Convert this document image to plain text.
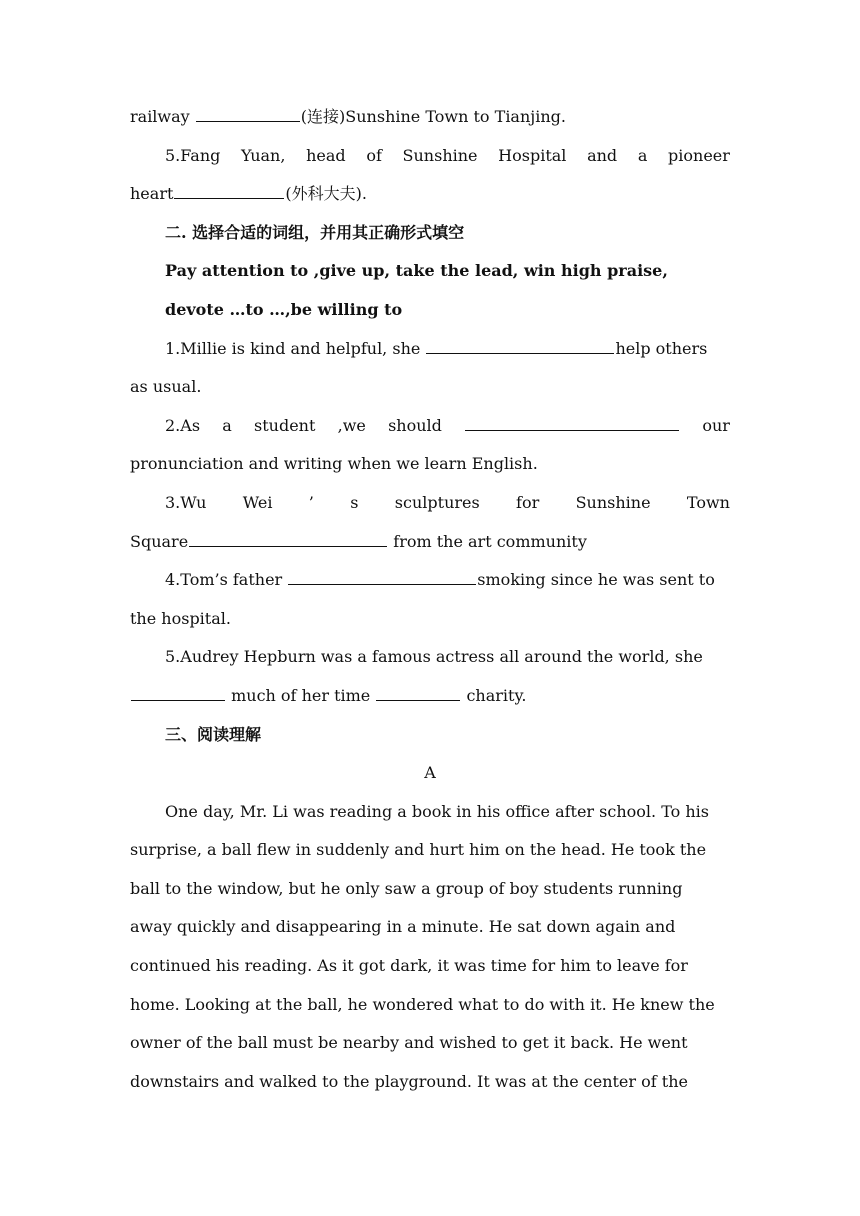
railway	(连接)Sunshine Town to Tianjing.

5.Fang Yuan, head of Sunshine Hospital and a pioneer

heart	(外科大夫).

二. 选择合适的词组，并用其正确形式填空

Pay attention to ,give up, take the lead, win high praise,

devote …to …,be willing to

1.Millie is kind and helpful, she	help others

as usual.

2.As a student ,we should	our

pronunciation and writing when we learn English.

3.Wu Wei ’ s sculptures for Sunshine Town

Square	from the art community

4.Tom’s father	smoking since he was sent to

the hospital.

5.Audrey Hepburn was a famous actress all around the world, she

much of her time	charity.

三、阅读理解

A

One day, Mr. Li was reading a book in his office after school. To his

surprise, a ball flew in suddenly and hurt him on the head. He took the

ball to the window, but he only saw a group of boy students running

away quickly and disappearing in a minute. He sat down again and

continued his reading. As it got dark, it was time for him to leave for

home. Looking at the ball, he wondered what to do with it. He knew the

owner of the ball must be nearby and wished to get it back. He went

downstairs and walked to the playground. It was at the center of the
